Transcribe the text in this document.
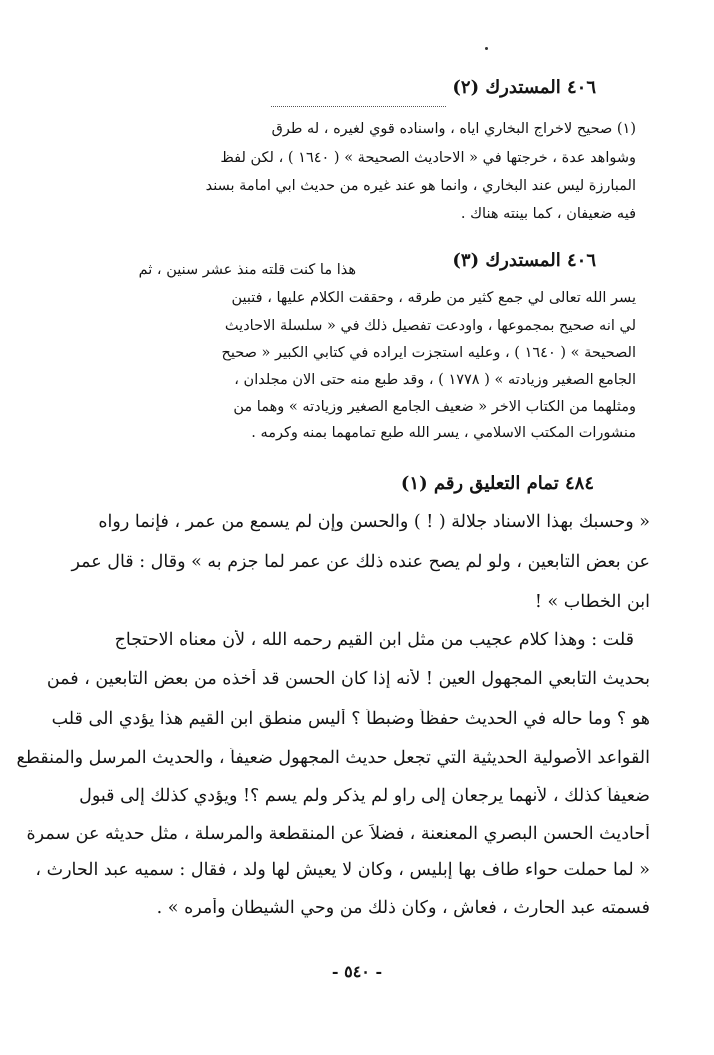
٤٠٦ المستدرك (٢)
(١) صحيح لاخراج البخاري اياه ، واسناده قوي لغيره ، له طرق
وشواهد عدة ، خرجتها في « الاحاديث الصحيحة » ( ١٦٤٠ ) ، لكن لفظ
المبارزة ليس عند البخاري ، وانما هو عند غيره من حديث ابي امامة بسند
فيه ضعيفان ، كما بينته هناك .
٤٠٦ المستدرك (٣)
هذا ما كنت قلته منذ عشر سنين ، ثم
يسر الله تعالى لي جمع كثير من طرقه ، وحققت الكلام عليها ، فتبين
لي انه صحيح بمجموعها ، واودعت تفصيل ذلك في « سلسلة الاحاديث
الصحيحة » ( ١٦٤٠ ) ، وعليه استجزت ايراده في كتابي الكبير « صحيح
الجامع الصغير وزيادته » ( ١٧٧٨ ) ، وقد طبع منه حتى الان مجلدان ،
ومثلهما من الكتاب الاخر « ضعيف الجامع الصغير وزيادته » وهما من
منشورات المكتب الاسلامي ، يسر الله طبع تمامهما بمنه وكرمه .
٤٨٤ تمام التعليق رقم (١)
« وحسبك بهذا الاسناد جلالة ( ! ) والحسن وإن لم يسمع من عمر ، فإنما رواه
عن بعض التابعين ، ولو لم يصح عنده ذلك عن عمر لما جزم به » وقال : قال عمر
ابن الخطاب » !
قلت : وهذا كلام عجيب من مثل ابن القيم رحمه الله ، لأن معناه الاحتجاج
بحديث التابعي المجهول العين ! لأنه إذا كان الحسن قد أخذه من بعض التابعين ، فمن
هو ؟ وما حاله في الحديث حفظاً وضبطاً ؟ أليس منطق ابن القيم هذا يؤدي الى قلب
القواعد الأصولية الحديثية التي تجعل حديث المجهول ضعيفاً ، والحديث المرسل والمنقطع
ضعيفاً كذلك ، لأنهما يرجعان إلى راوٍ لم يذكر ولم يسم ؟! ويؤدي كذلك إلى قبول
أحاديث الحسن البصري المعنعنة ، فضلاً عن المنقطعة والمرسلة ، مثل حديثه عن سمرة
« لما حملت حواء طاف بها إبليس ، وكان لا يعيش لها ولد ، فقال : سميه عبد الحارث ،
فسمته عبد الحارث ، فعاش ، وكان ذلك من وحي الشيطان وأمره » .
- ٥٤٠ -
